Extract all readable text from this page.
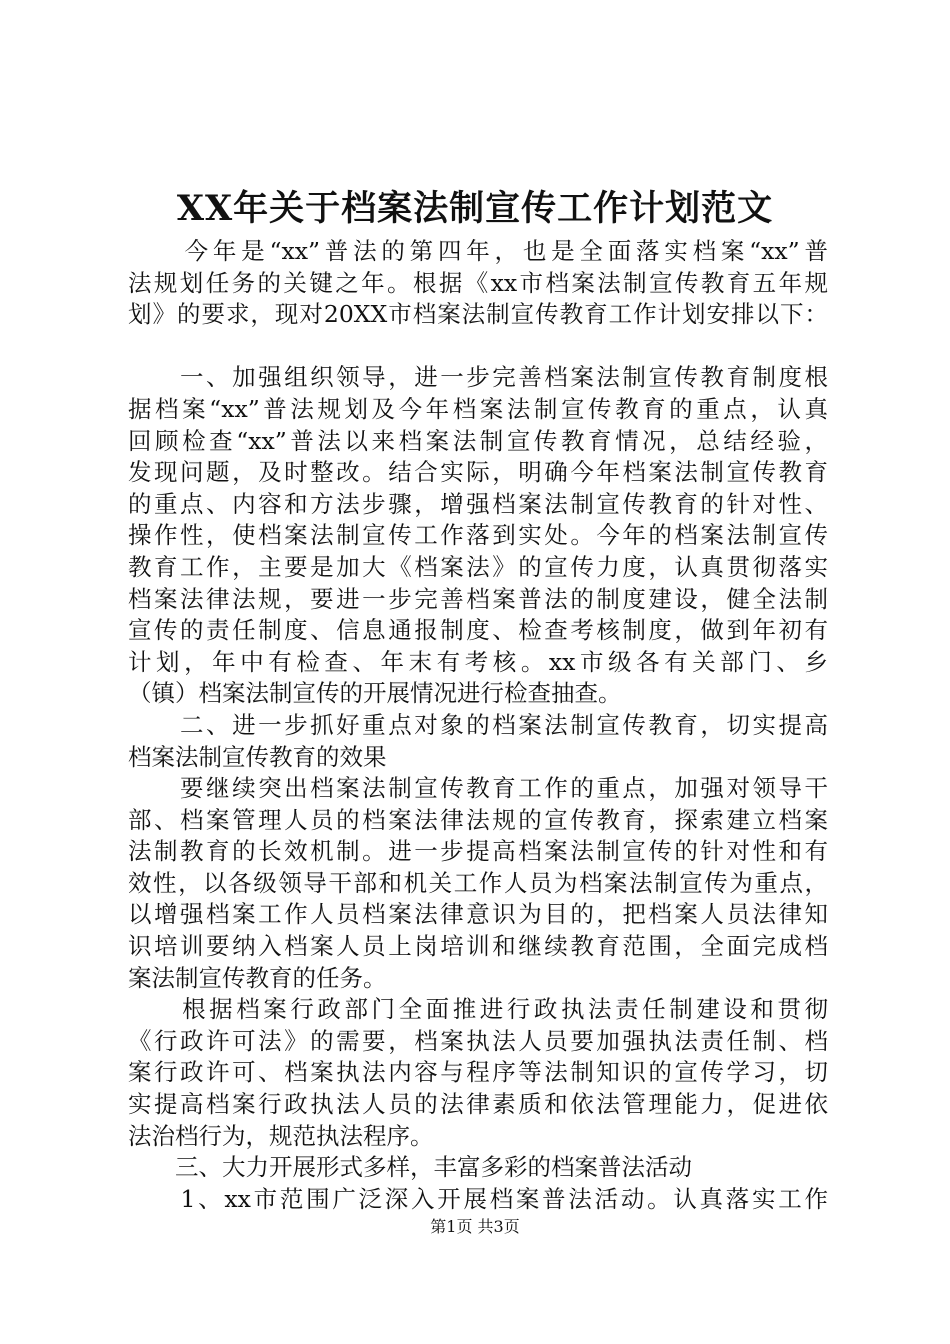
XX年关于档案法制宣传工作计划范文
　　今年是“xx”普法的第四年，也是全面落实档案“xx”普
法规划任务的关键之年。根据《xx市档案法制宣传教育五年规
划》的要求，现对20XX市档案法制宣传教育工作计划安排以下：
　　一、加强组织领导，进一步完善档案法制宣传教育制度根
据档案“xx”普法规划及今年档案法制宣传教育的重点，认真
回顾检查“xx”普法以来档案法制宣传教育情况，总结经验，
发现问题，及时整改。结合实际，明确今年档案法制宣传教育
的重点、内容和方法步骤，增强档案法制宣传教育的针对性、
操作性，使档案法制宣传工作落到实处。今年的档案法制宣传
教育工作，主要是加大《档案法》的宣传力度，认真贯彻落实
档案法律法规，要进一步完善档案普法的制度建设，健全法制
宣传的责任制度、信息通报制度、检查考核制度，做到年初有
计划，年中有检查、年末有考核。xx市级各有关部门、乡
（镇）档案法制宣传的开展情况进行检查抽查。
　　二、进一步抓好重点对象的档案法制宣传教育，切实提高
档案法制宣传教育的效果
　　要继续突出档案法制宣传教育工作的重点，加强对领导干
部、档案管理人员的档案法律法规的宣传教育，探索建立档案
法制教育的长效机制。进一步提高档案法制宣传的针对性和有
效性，以各级领导干部和机关工作人员为档案法制宣传为重点，
以增强档案工作人员档案法律意识为目的，把档案人员法律知
识培训要纳入档案人员上岗培训和继续教育范围，全面完成档
案法制宣传教育的任务。
　　根据档案行政部门全面推进行政执法责任制建设和贯彻
《行政许可法》的需要，档案执法人员要加强执法责任制、档
案行政许可、档案执法内容与程序等法制知识的宣传学习，切
实提高档案行政执法人员的法律素质和依法管理能力，促进依
法治档行为，规范执法程序。
　　三、大力开展形式多样，丰富多彩的档案普法活动
　　1、xx市范围广泛深入开展档案普法活动。认真落实工作
第1页 共3页
